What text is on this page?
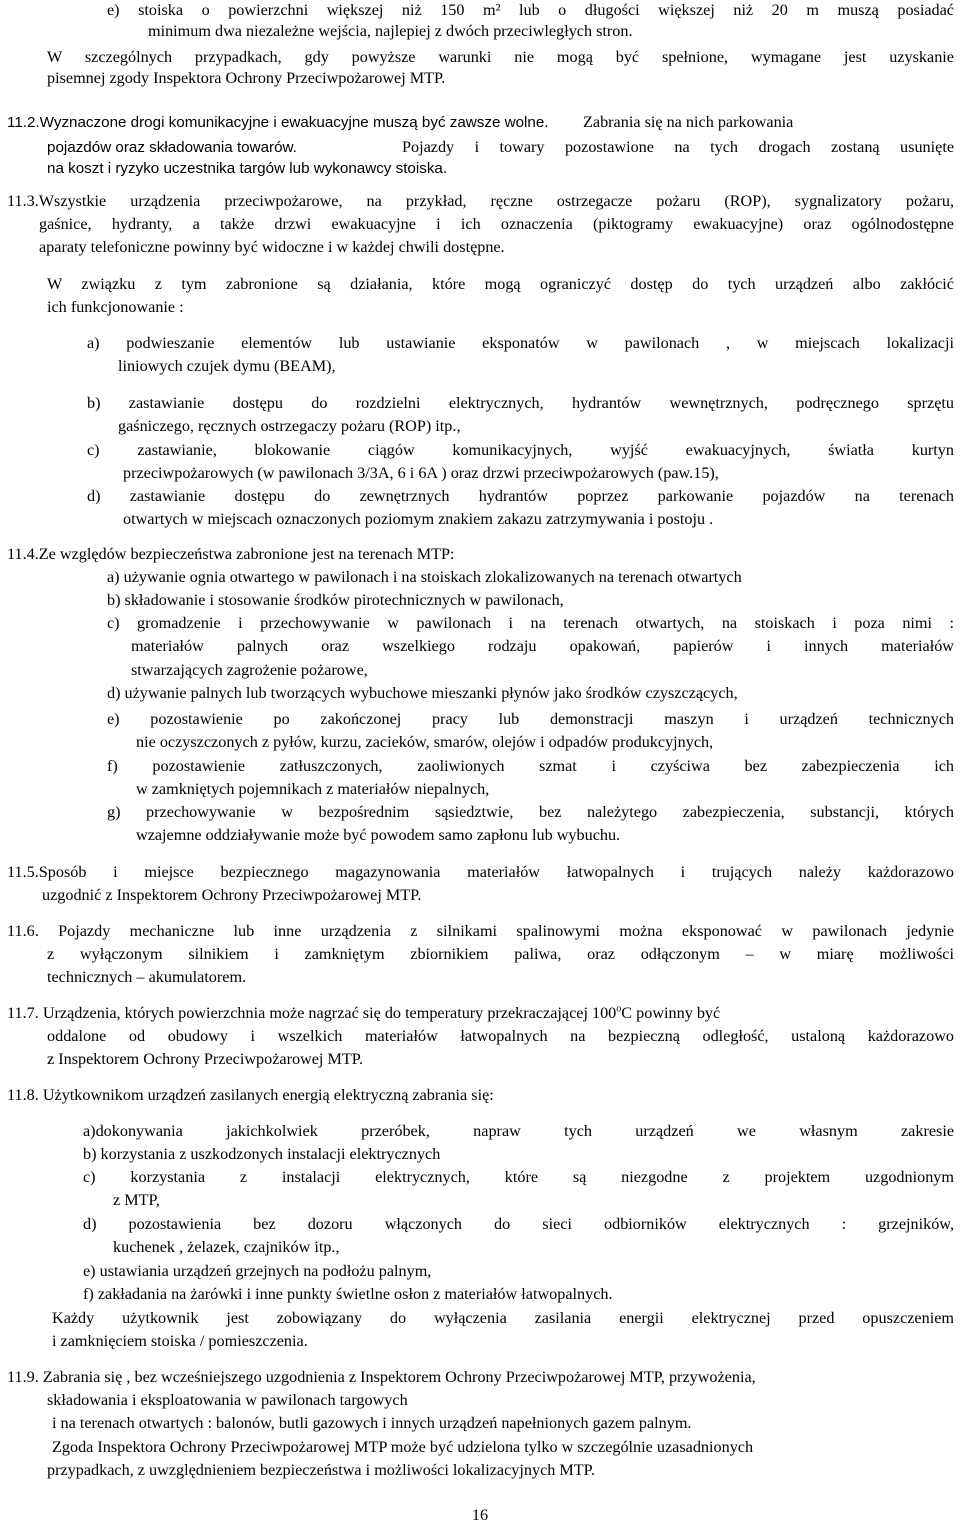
e) stoiska o powierzchni większej niż 150 m² lub o długości większej niż 20 m muszą posiadać
minimum dwa niezależne wejścia, najlepiej z dwóch przeciwległych stron.
W szczególnych przypadkach, gdy powyższe warunki nie mogą być spełnione, wymagane jest uzyskanie
pisemnej zgody Inspektora Ochrony Przeciwpożarowej MTP.
11.2.Wyznaczone drogi komunikacyjne i ewakuacyjne muszą być zawsze wolne.	Zabrania się na nich parkowania
pojazdów oraz składowania towarów.	Pojazdy i towary pozostawione na tych drogach zostaną usunięte
na koszt i ryzyko uczestnika targów lub wykonawcy stoiska.
11.3.Wszystkie urządzenia przeciwpożarowe, na przykład, ręczne ostrzegacze pożaru (ROP), sygnalizatory pożaru,
gaśnice, hydranty, a także drzwi ewakuacyjne i ich oznaczenia (piktogramy ewakuacyjne) oraz ogólnodostępne
aparaty telefoniczne powinny być widoczne i w każdej chwili dostępne.
W związku z tym zabronione są działania, które mogą ograniczyć dostęp do tych urządzeń albo zakłócić
ich funkcjonowanie :
a) podwieszanie elementów lub ustawianie eksponatów w pawilonach , w miejscach lokalizacji
liniowych czujek dymu (BEAM),
b) zastawianie dostępu do rozdzielni elektrycznych, hydrantów wewnętrznych, podręcznego sprzętu
gaśniczego, ręcznych ostrzegaczy pożaru (ROP) itp.,
c) zastawianie, blokowanie ciągów komunikacyjnych, wyjść ewakuacyjnych, światła kurtyn
przeciwpożarowych (w pawilonach 3/3A, 6 i 6A ) oraz drzwi przeciwpożarowych (paw.15),
d) zastawianie dostępu do zewnętrznych hydrantów poprzez parkowanie pojazdów na terenach
otwartych w miejscach oznaczonych poziomym znakiem zakazu zatrzymywania i postoju .
11.4.Ze względów bezpieczeństwa zabronione jest na terenach MTP:
a) używanie ognia otwartego w pawilonach i na stoiskach zlokalizowanych na terenach otwartych
b) składowanie i stosowanie środków pirotechnicznych w pawilonach,
c) gromadzenie i przechowywanie w pawilonach i na terenach otwartych, na stoiskach i poza nimi :
materiałów palnych oraz wszelkiego rodzaju opakowań, papierów i innych materiałów
stwarzających zagrożenie pożarowe,
d) używanie palnych lub tworzących wybuchowe mieszanki płynów jako środków czyszczących,
e) pozostawienie po zakończonej pracy lub demonstracji maszyn i urządzeń technicznych
nie oczyszczonych z pyłów, kurzu, zacieków, smarów, olejów i odpadów produkcyjnych,
f) pozostawienie zatłuszczonych, zaoliwionych szmat i czyściwa bez zabezpieczenia ich
w zamkniętych pojemnikach z materiałów niepalnych,
g) przechowywanie w bezpośrednim sąsiedztwie, bez należytego zabezpieczenia, substancji, których
wzajemne oddziaływanie może być powodem samo zapłonu lub wybuchu.
11.5.Sposób i miejsce bezpiecznego magazynowania materiałów łatwopalnych i trujących należy każdorazowo
uzgodnić z Inspektorem Ochrony Przeciwpożarowej MTP.
11.6. Pojazdy mechaniczne lub inne urządzenia z silnikami spalinowymi można eksponować w pawilonach jedynie
z wyłączonym silnikiem i zamkniętym zbiornikiem paliwa, oraz odłączonym – w miarę możliwości
technicznych – akumulatorem.
11.7. Urządzenia, których powierzchnia może nagrzać się do temperatury przekraczającej 100$^o$C powinny być
oddalone od obudowy i wszelkich materiałów łatwopalnych na bezpieczną odległość, ustaloną każdorazowo
z Inspektorem Ochrony Przeciwpożarowej MTP.
11.8. Użytkownikom urządzeń zasilanych energią elektryczną zabrania się:
a)dokonywania jakichkolwiek przeróbek, napraw tych urządzeń we własnym zakresie
b) korzystania z uszkodzonych instalacji elektrycznych
c) korzystania z instalacji elektrycznych, które są niezgodne z projektem uzgodnionym
z MTP,
d) pozostawienia bez dozoru włączonych do sieci odbiorników elektrycznych : grzejników,
kuchenek , żelazek, czajników itp.,
e) ustawiania urządzeń grzejnych na podłożu palnym,
f) zakładania na żarówki i inne punkty świetlne osłon z materiałów łatwopalnych.
Każdy użytkownik jest zobowiązany do wyłączenia zasilania energii elektrycznej przed opuszczeniem
i zamknięciem stoiska / pomieszczenia.
11.9. Zabrania się , bez wcześniejszego uzgodnienia z Inspektorem Ochrony Przeciwpożarowej MTP, przywożenia,
składowania i eksploatowania w pawilonach targowych
i na terenach otwartych : balonów, butli gazowych i innych urządzeń napełnionych gazem palnym.
Zgoda Inspektora Ochrony Przeciwpożarowej MTP może być udzielona tylko w szczególnie uzasadnionych
przypadkach, z uwzględnieniem bezpieczeństwa i możliwości lokalizacyjnych MTP.
16
